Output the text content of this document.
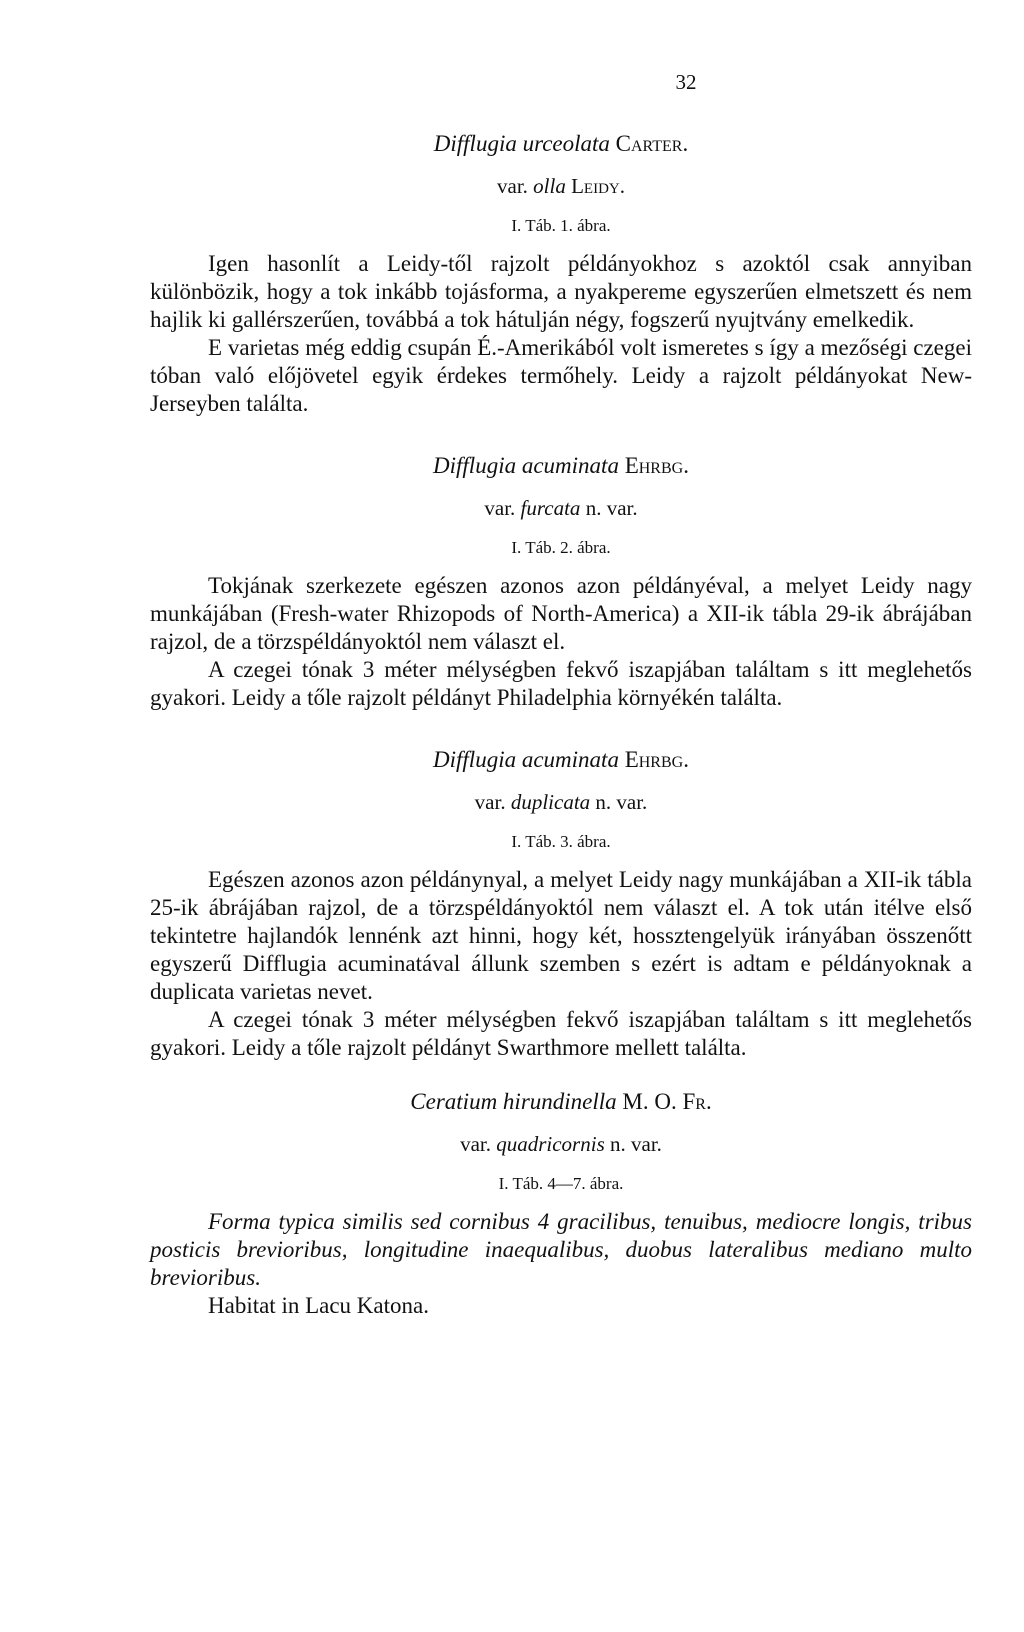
32
Difflugia urceolata Carter.
var. olla Leidy.
I. Táb. 1. ábra.

Igen hasonlít a Leidy-től rajzolt példányokhoz s azoktól csak annyiban különbözik, hogy a tok inkább tojásforma, a nyakpereme egyszerűen elmetszett és nem hajlik ki gallérszerűen, továbbá a tok hátulján négy, fogszerű nyujtvány emelkedik.

E varietas még eddig csupán É.-Amerikából volt ismeretes s így a mezőségi czegei tóban való előjövetel egyik érdekes termőhely. Leidy a rajzolt példányokat New-Jerseyben találta.

Difflugia acuminata Ehrbg.
var. furcata n. var.
I. Táb. 2. ábra.

Tokjának szerkezete egészen azonos azon példányéval, a melyet Leidy nagy munkájában (Fresh-water Rhizopods of North-America) a XII-ik tábla 29-ik ábrájában rajzol, de a törzspéldányoktól nem választ el.

A czegei tónak 3 méter mélységben fekvő iszapjában találtam s itt meglehetős gyakori. Leidy a tőle rajzolt példányt Philadelphia környékén találta.

Difflugia acuminata Ehrbg.
var. duplicata n. var.
I. Táb. 3. ábra.

Egészen azonos azon példánynyal, a melyet Leidy nagy munkájában a XII-ik tábla 25-ik ábrájában rajzol, de a törzspéldányoktól nem választ el. A tok után itélve első tekintetre hajlandók lennénk azt hinni, hogy két, hossztengelyük irányában összenőtt egyszerű Difflugia acuminatával állunk szemben s ezért is adtam e példányoknak a duplicata varietas nevet.

A czegei tónak 3 méter mélységben fekvő iszapjában találtam s itt meglehetős gyakori. Leidy a tőle rajzolt példányt Swarthmore mellett találta.

Ceratium hirundinella M. O. Fr.
var. quadricornis n. var.
I. Táb. 4—7. ábra.

Forma typica similis sed cornibus 4 gracilibus, tenuibus, mediocre longis, tribus posticis brevioribus, longitudine inaequalibus, duobus lateralibus mediano multo brevioribus.

Habitat in Lacu Katona.
